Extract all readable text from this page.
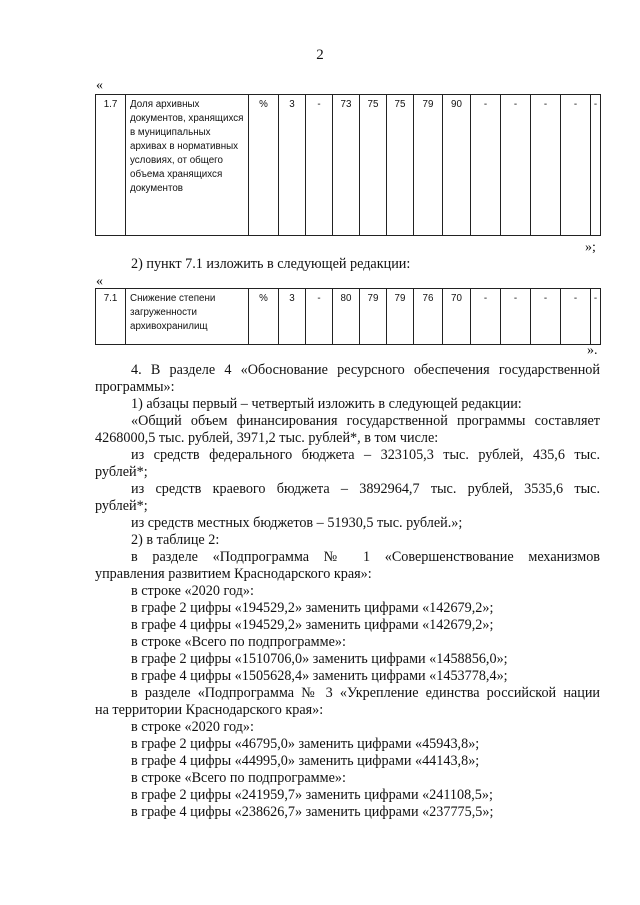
2
«
1.7	Доля архивных документов, хранящихся в муниципальных архивах в нормативных условиях, от общего объема хранящихся документов	%	3	-	73	75	75	79	90	-	-	-	-	-
»;
2) пункт 7.1 изложить в следующей редакции:
«
7.1	Снижение степени загруженности архивохранилищ	%	3	-	80	79	79	76	70	-	-	-	-	-
».
4. В разделе 4 «Обоснование ресурсного обеспечения государственной
программы»:
1) абзацы первый – четвертый изложить в следующей редакции:
«Общий объем финансирования государственной программы составляет
4268000,5 тыс. рублей, 3971,2 тыс. рублей*, в том числе:
из средств федерального бюджета – 323105,3 тыс. рублей, 435,6 тыс.
рублей*;
из средств краевого бюджета – 3892964,7 тыс. рублей, 3535,6 тыс.
рублей*;
из средств местных бюджетов – 51930,5 тыс. рублей.»;
2) в таблице 2:
в разделе «Подпрограмма № 1 «Совершенствование механизмов
управления развитием Краснодарского края»:
в строке «2020 год»:
в графе 2 цифры «194529,2» заменить цифрами «142679,2»;
в графе 4 цифры «194529,2» заменить цифрами «142679,2»;
в строке «Всего по подпрограмме»:
в графе 2 цифры «1510706,0» заменить цифрами «1458856,0»;
в графе 4 цифры «1505628,4» заменить цифрами «1453778,4»;
в разделе «Подпрограмма № 3 «Укрепление единства российской нации
на территории Краснодарского края»:
в строке «2020 год»:
в графе 2 цифры «46795,0» заменить цифрами «45943,8»;
в графе 4 цифры «44995,0» заменить цифрами «44143,8»;
в строке «Всего по подпрограмме»:
в графе 2 цифры «241959,7» заменить цифрами «241108,5»;
в графе 4 цифры «238626,7» заменить цифрами «237775,5»;
